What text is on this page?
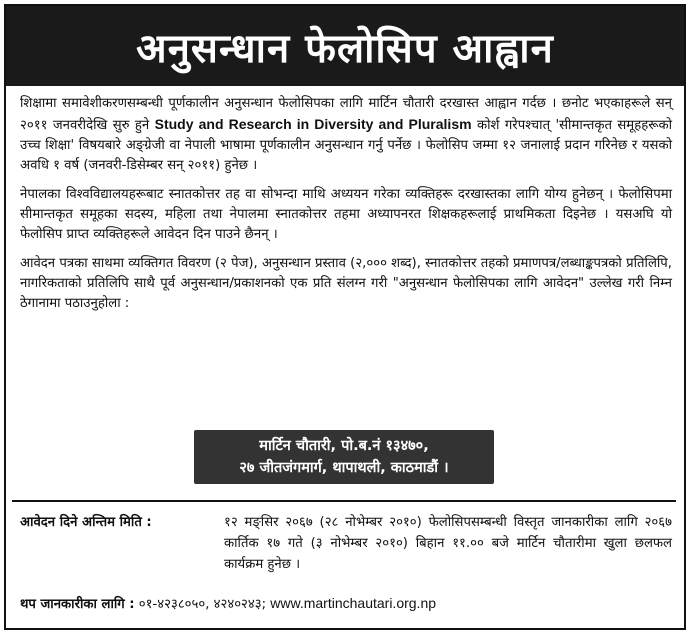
अनुसन्धान फेलोसिप आह्वान

शिक्षामा समावेशीकरणसम्बन्धी पूर्णकालीन अनुसन्धान फेलोसिपका लागि मार्टिन चौतारी दरखास्त आह्वान गर्दछ । छनोट भएकाहरूले सन् २०११ जनवरीदेखि सुरु हुने Study and Research in Diversity and Pluralism कोर्श गरेपश्चात् 'सीमान्तकृत समूहहरूको उच्च शिक्षा' विषयबारे अङ्ग्रेजी वा नेपाली भाषामा पूर्णकालीन अनुसन्धान गर्नु पर्नेछ । फेलोसिप जम्मा १२ जनालाई प्रदान गरिनेछ र यसको अवधि १ वर्ष (जनवरी-डिसेम्बर सन् २०११) हुनेछ ।

नेपालका विश्वविद्यालयहरूबाट स्नातकोत्तर तह वा सोभन्दा माथि अध्ययन गरेका व्यक्तिहरू दरखास्तका लागि योग्य हुनेछन् । फेलोसिपमा सीमान्तकृत समूहका सदस्य, महिला तथा नेपालमा स्नातकोत्तर तहमा अध्यापनरत शिक्षकहरूलाई प्राथमिकता दिइनेछ । यसअघि यो फेलोसिप प्राप्त व्यक्तिहरूले आवेदन दिन पाउने छैनन् ।

आवेदन पत्रका साथमा व्यक्तिगत विवरण (२ पेज), अनुसन्धान प्रस्ताव (२,००० शब्द), स्नातकोत्तर तहको प्रमाणपत्र/लब्धाङ्कपत्रको प्रतिलिपि, नागरिकताको प्रतिलिपि साथै पूर्व अनुसन्धान/प्रकाशनको एक प्रति संलग्न गरी "अनुसन्धान फेलोसिपका लागि आवेदन" उल्लेख गरी निम्न ठेगानामा पठाउनुहोला :

मार्टिन चौतारी, पो.ब.नं १३४७०,
२७ जीतजंगमार्ग, थापाथली, काठमाडौं ।
आवेदन दिने अन्तिम मिति :	१२ मङ्सिर २०६७ (२८ नोभेम्बर २०१०) फेलोसिपसम्बन्धी विस्तृत जानकारीका लागि २०६७ कार्तिक १७ गते (३ नोभेम्बर २०१०) बिहान ११.०० बजे मार्टिन चौतारीमा खुला छलफल कार्यक्रम हुनेछ ।
थप जानकारीका लागि : ०१-४२३८०५०, ४२४०२४३; www.martinchautari.org.np
